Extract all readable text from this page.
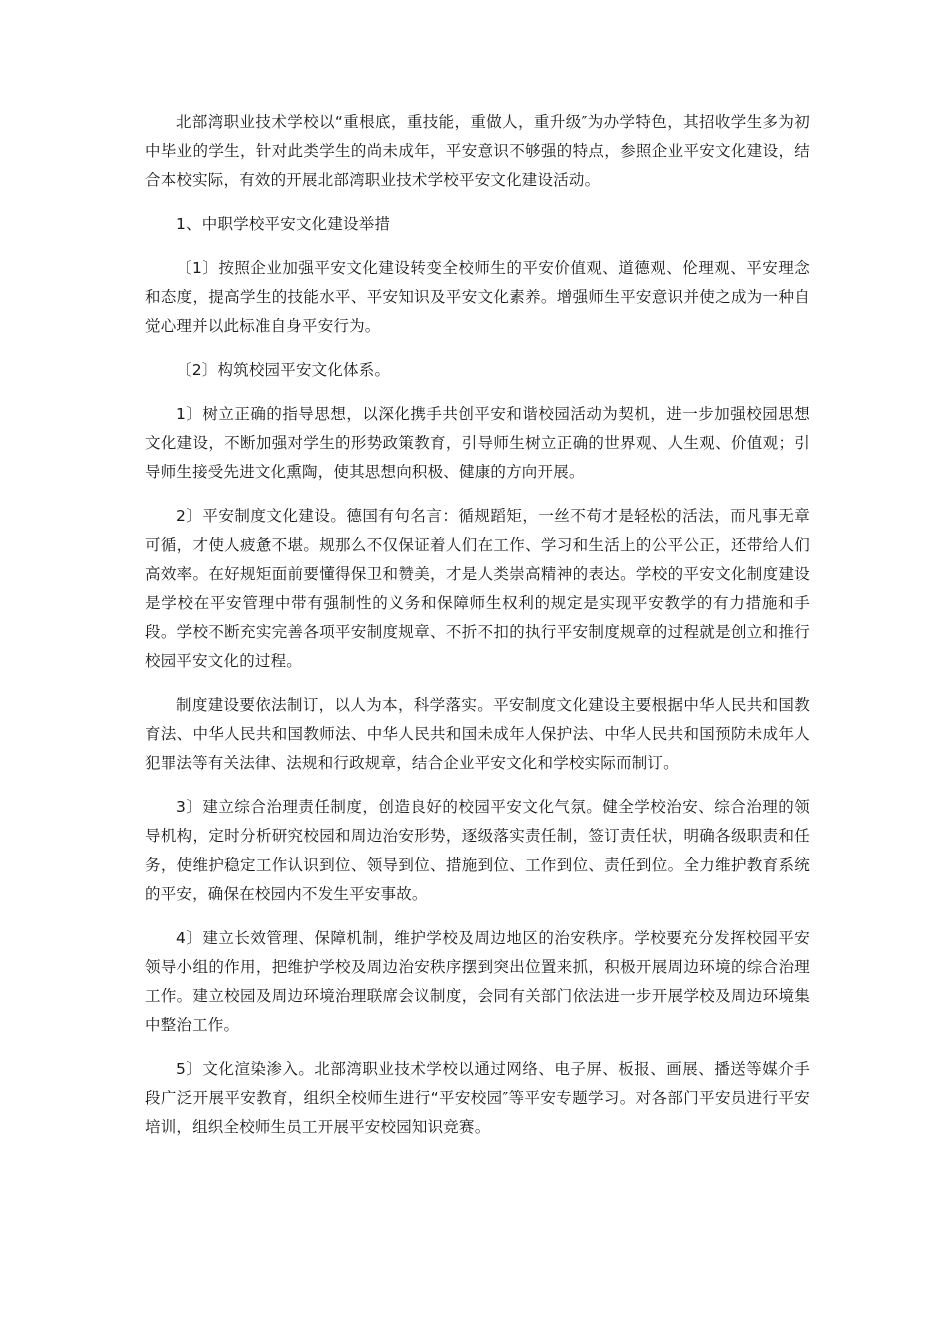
北部湾职业技术学校以“重根底，重技能，重做人，重升级″为办学特色，其招收学生多为初中毕业的学生，针对此类学生的尚未成年，平安意识不够强的特点，参照企业平安文化建设，结合本校实际，有效的开展北部湾职业技术学校平安文化建设活动。

1、中职学校平安文化建设举措

〔1〕按照企业加强平安文化建设转变全校师生的平安价值观、道德观、伦理观、平安理念和态度，提高学生的技能水平、平安知识及平安文化素养。增强师生平安意识并使之成为一种自觉心理并以此标准自身平安行为。

〔2〕构筑校园平安文化体系。

1〕树立正确的指导思想，以深化携手共创平安和谐校园活动为契机，进一步加强校园思想文化建设，不断加强对学生的形势政策教育，引导师生树立正确的世界观、人生观、价值观；引导师生接受先进文化熏陶，使其思想向积极、健康的方向开展。

2〕平安制度文化建设。德国有句名言：循规蹈矩，一丝不苟才是轻松的活法，而凡事无章可循，才使人疲惫不堪。规那么不仅保证着人们在工作、学习和生活上的公平公正，还带给人们高效率。在好规矩面前要懂得保卫和赞美，才是人类崇高精神的表达。学校的平安文化制度建设是学校在平安管理中带有强制性的义务和保障师生权利的规定是实现平安教学的有力措施和手段。学校不断充实完善各项平安制度规章、不折不扣的执行平安制度规章的过程就是创立和推行校园平安文化的过程。

制度建设要依法制订，以人为本，科学落实。平安制度文化建设主要根据中华人民共和国教育法、中华人民共和国教师法、中华人民共和国未成年人保护法、中华人民共和国预防未成年人犯罪法等有关法律、法规和行政规章，结合企业平安文化和学校实际而制订。

3〕建立综合治理责任制度，创造良好的校园平安文化气氛。健全学校治安、综合治理的领导机构，定时分析研究校园和周边治安形势，逐级落实责任制，签订责任状，明确各级职责和任务，使维护稳定工作认识到位、领导到位、措施到位、工作到位、责任到位。全力维护教育系统的平安，确保在校园内不发生平安事故。

4〕建立长效管理、保障机制，维护学校及周边地区的治安秩序。学校要充分发挥校园平安领导小组的作用，把维护学校及周边治安秩序摆到突出位置来抓，积极开展周边环境的综合治理工作。建立校园及周边环境治理联席会议制度，会同有关部门依法进一步开展学校及周边环境集中整治工作。

5〕文化渲染渗入。北部湾职业技术学校以通过网络、电子屏、板报、画展、播送等媒介手段广泛开展平安教育，组织全校师生进行“平安校园″等平安专题学习。对各部门平安员进行平安培训，组织全校师生员工开展平安校园知识竞赛。
